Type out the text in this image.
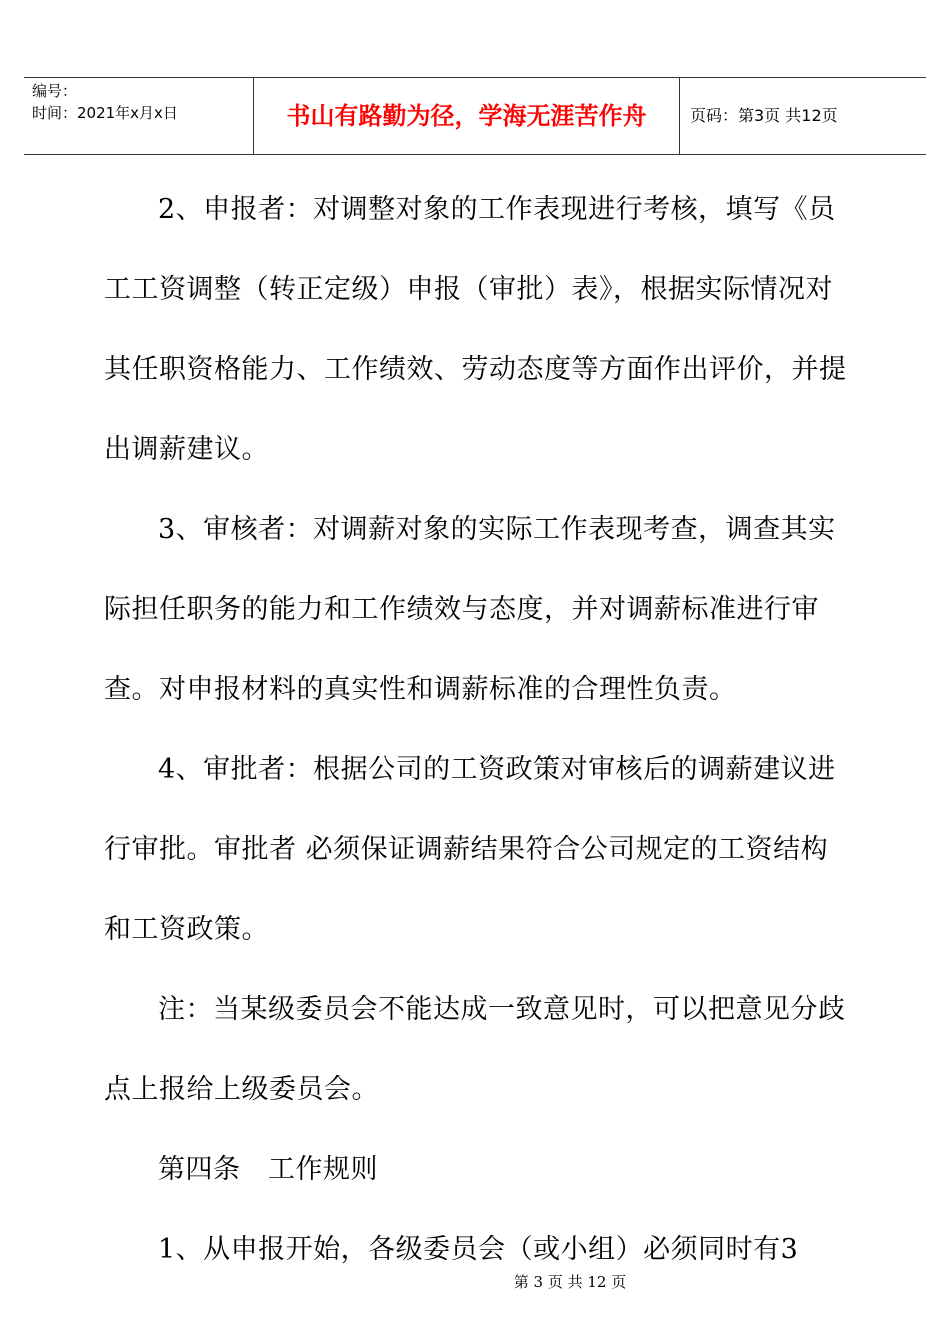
编号：
时间：2021年x月x日	书山有路勤为径，学海无涯苦作舟	页码：第3页 共12页

2、申报者：对调整对象的工作表现进行考核，填写《员工工资调整（转正定级）申报（审批）表》，根据实际情况对其任职资格能力、工作绩效、劳动态度等方面作出评价，并提出调薪建议。

3、审核者：对调薪对象的实际工作表现考查，调查其实际担任职务的能力和工作绩效与态度，并对调薪标准进行审查。对申报材料的真实性和调薪标准的合理性负责。

4、审批者：根据公司的工资政策对审核后的调薪建议进行审批。审批者 必须保证调薪结果符合公司规定的工资结构和工资政策。

注：当某级委员会不能达成一致意见时，可以把意见分歧点上报给上级委员会。

第四条　工作规则

1、从申报开始，各级委员会（或小组）必须同时有3

第 3 页 共 12 页
